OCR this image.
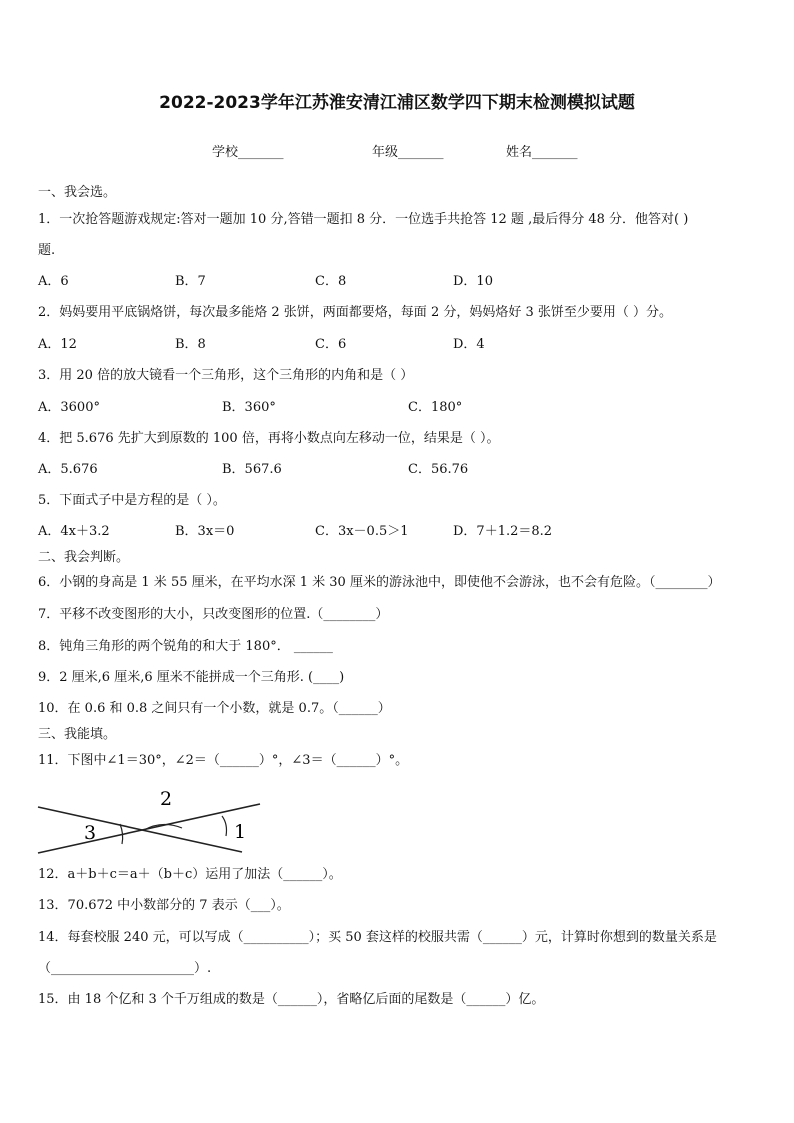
2022-2023学年江苏淮安清江浦区数学四下期末检测模拟试题
学校_______	年级_______	姓名_______
一、我会选。
1．一次抢答题游戏规定:答对一题加 10 分,答错一题扣 8 分．一位选手共抢答 12 题 ,最后得分 48 分．他答对( )
题.
A．6	B．7	C．8	D．10
2．妈妈要用平底锅烙饼，每次最多能烙 2 张饼，两面都要烙，每面 2 分，妈妈烙好 3 张饼至少要用（ ）分。
A．12	B．8	C．6	D．4
3．用 20 倍的放大镜看一个三角形，这个三角形的内角和是（ ）
A．3600°	B．360°	C．180°
4．把 5.676 先扩大到原数的 100 倍，再将小数点向左移动一位，结果是（ ）。
A．5.676	B．567.6	C．56.76
5．下面式子中是方程的是（ ）。
A．4x＋3.2	B．3x＝0	C．3x－0.5＞1	D．7＋1.2＝8.2
二、我会判断。
6．小钢的身高是 1 米 55 厘米，在平均水深 1 米 30 厘米的游泳池中，即使他不会游泳，也不会有危险。（________）
7．平移不改变图形的大小，只改变图形的位置.（________）
8．钝角三角形的两个锐角的和大于 180°． ______
9．2 厘米,6 厘米,6 厘米不能拼成一个三角形. (____)
10．在 0.6 和 0.8 之间只有一个小数，就是 0.7。（______）
三、我能填。
11．下图中∠1＝30°，∠2＝（______）°，∠3＝（______）°。
2
3	1
12．a＋b＋c＝a＋（b＋c）运用了加法（______）。
13．70.672 中小数部分的 7 表示（___）。
14．每套校服 240 元，可以写成（__________）；买 50 套这样的校服共需（______）元，计算时你想到的数量关系是
（______________________）.
15．由 18 个亿和 3 个千万组成的数是（______），省略亿后面的尾数是（______）亿。
